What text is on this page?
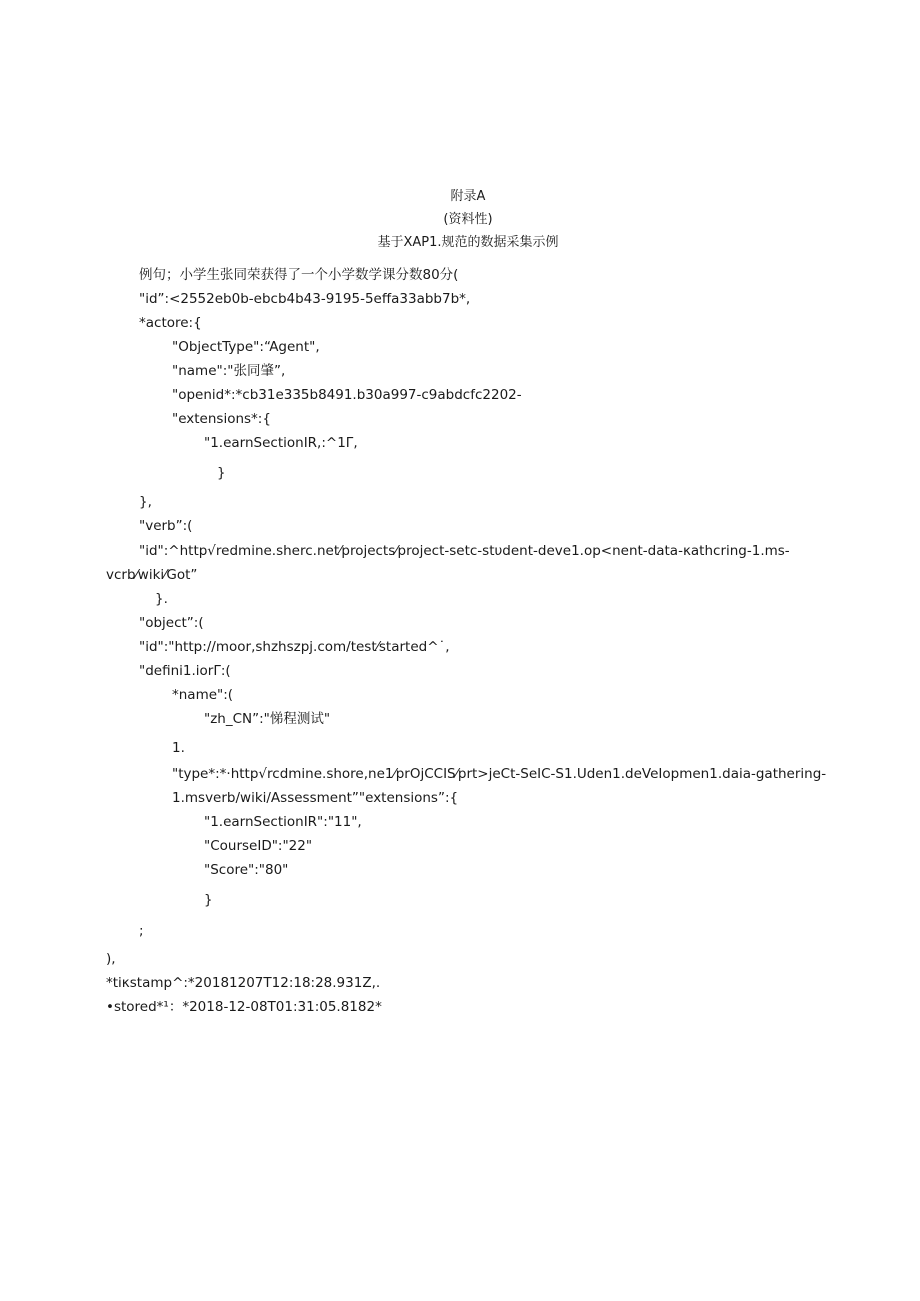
附录A
(资料性)
基于XAP1.规范的数据采集示例
例句；小学生张同荣获得了一个小学数学课分数80分(
"id”:<2552eb0b-ebcb4b43-9195-5effa33abb7b*,
*actore:{
"ObjectType":“Agent",
"name":"张同肇”,
"openid*:*cb31e335b8491.b30a997-c9abdcfc2202-
"extensions*:{
"1.earnSectionIR,:^1Γ,
}
},
"verb”:(
"id":^http√redmine.sherc.net⁄projects⁄project-setc-stυdent-deve1.op<nent-data-κathcring-1.ms-
vcrb⁄wiki⁄Got”
}.
"object”:(
"id":"http://moor,shzhszpj.com/test⁄started^˙,
"defini1.iorΓ:(
*name":(
"zh_CN”:"悌程测试"
1.
"type*:*·http√rcdmine.shore,ne1⁄prOjCCIS⁄prt>jeCt-SeIC-S1.Uden1.deVeIopmen1.daia-gathering-
1.msverb/wiki/Assessment”"extensions”:{
"1.earnSectionIR":"11",
"CourseID":"22"
"Score":"80"
}
;
),
*tiκstamp^:*20181207T12:18:28.931Z,.
•stored*¹：*2018-12-08T01:31:05.8182*
